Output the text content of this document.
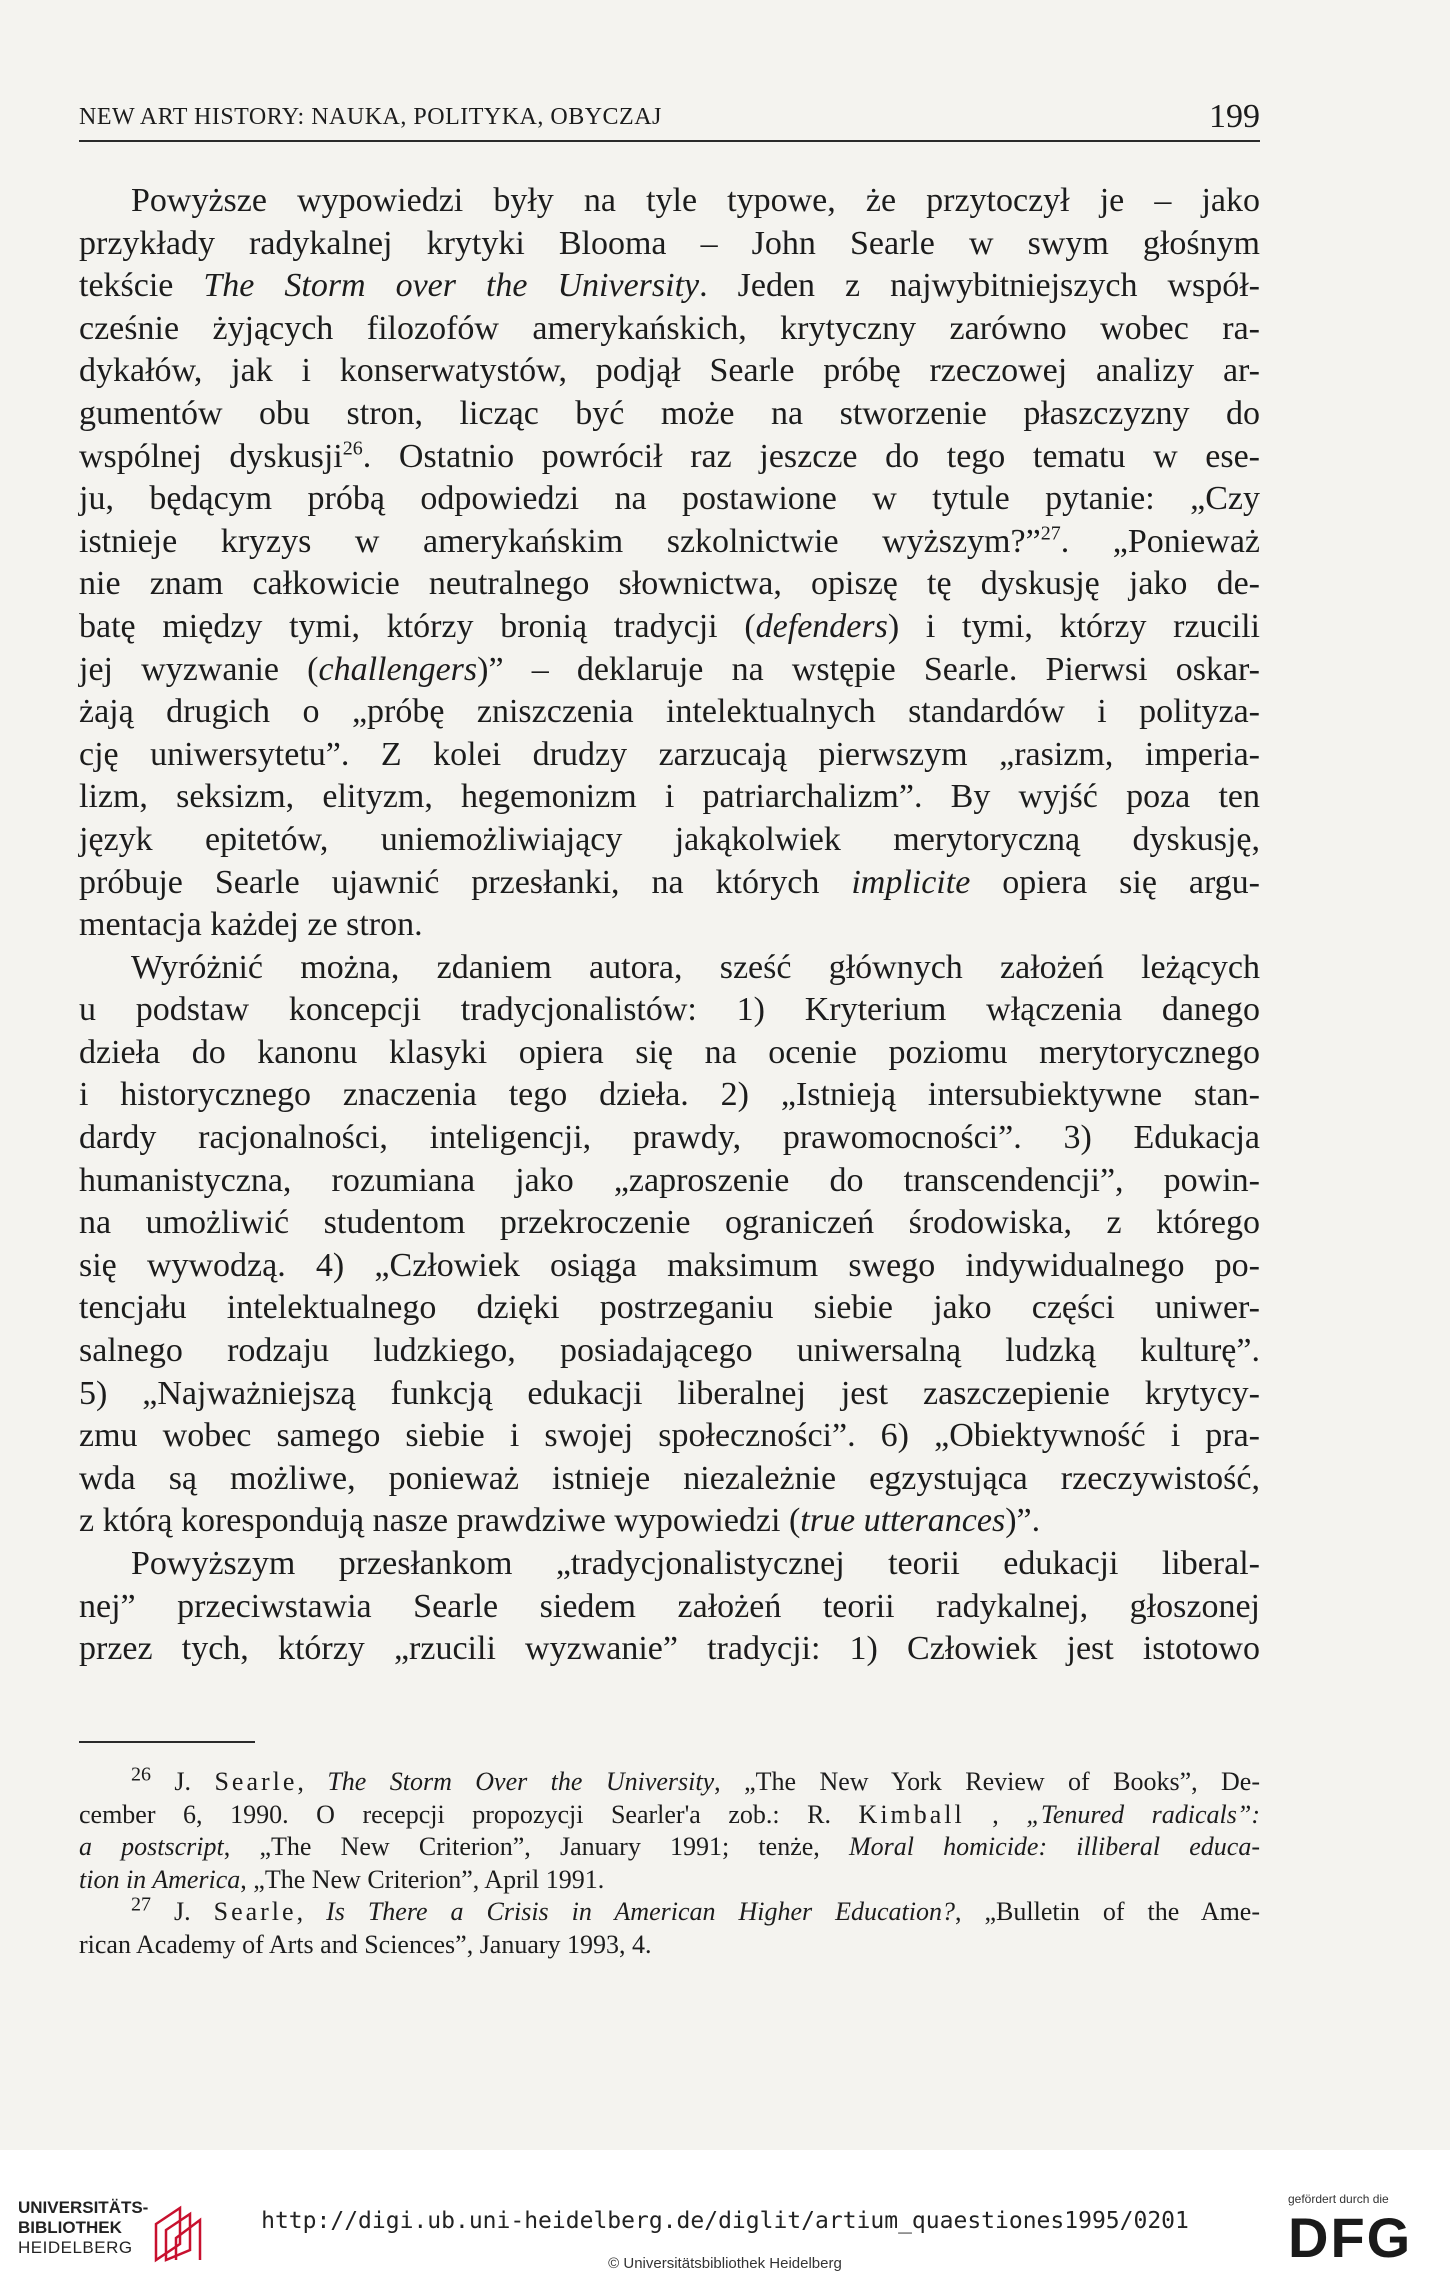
NEW ART HISTORY: NAUKA, POLITYKA, OBYCZAJ	199
Powyższe wypowiedzi były na tyle typowe, że przytoczył je – jako
przykłady radykalnej krytyki Blooma – John Searle w swym głośnym
tekście The Storm over the University. Jeden z najwybitniejszych współ-
cześnie żyjących filozofów amerykańskich, krytyczny zarówno wobec ra-
dykałów, jak i konserwatystów, podjął Searle próbę rzeczowej analizy ar-
gumentów obu stron, licząc być może na stworzenie płaszczyzny do
wspólnej dyskusji$^{26}$. Ostatnio powrócił raz jeszcze do tego tematu w ese-
ju, będącym próbą odpowiedzi na postawione w tytule pytanie: „Czy
istnieje kryzys w amerykańskim szkolnictwie wyższym?”$^{27}$. „Ponieważ
nie znam całkowicie neutralnego słownictwa, opiszę tę dyskusję jako de-
batę między tymi, którzy bronią tradycji (defenders) i tymi, którzy rzucili
jej wyzwanie (challengers)” – deklaruje na wstępie Searle. Pierwsi oskar-
żają drugich o „próbę zniszczenia intelektualnych standardów i polityza-
cję uniwersytetu”. Z kolei drudzy zarzucają pierwszym „rasizm, imperia-
lizm, seksizm, elityzm, hegemonizm i patriarchalizm”. By wyjść poza ten
język epitetów, uniemożliwiający jakąkolwiek merytoryczną dyskusję,
próbuje Searle ujawnić przesłanki, na których implicite opiera się argu-
mentacja każdej ze stron.
Wyróżnić można, zdaniem autora, sześć głównych założeń leżących
u podstaw koncepcji tradycjonalistów: 1) Kryterium włączenia danego
dzieła do kanonu klasyki opiera się na ocenie poziomu merytorycznego
i historycznego znaczenia tego dzieła. 2) „Istnieją intersubiektywne stan-
dardy racjonalności, inteligencji, prawdy, prawomocności”. 3) Edukacja
humanistyczna, rozumiana jako „zaproszenie do transcendencji”, powin-
na umożliwić studentom przekroczenie ograniczeń środowiska, z którego
się wywodzą. 4) „Człowiek osiąga maksimum swego indywidualnego po-
tencjału intelektualnego dzięki postrzeganiu siebie jako części uniwer-
salnego rodzaju ludzkiego, posiadającego uniwersalną ludzką kulturę”.
5) „Najważniejszą funkcją edukacji liberalnej jest zaszczepienie krytycy-
zmu wobec samego siebie i swojej społeczności”. 6) „Obiektywność i pra-
wda są możliwe, ponieważ istnieje niezależnie egzystująca rzeczywistość,
z którą korespondują nasze prawdziwe wypowiedzi (true utterances)”.
Powyższym przesłankom „tradycjonalistycznej teorii edukacji liberal-
nej” przeciwstawia Searle siedem założeń teorii radykalnej, głoszonej
przez tych, którzy „rzucili wyzwanie” tradycji: 1) Człowiek jest istotowo
$^{26}$ J. Searle, The Storm Over the University, „The New York Review of Books”, De-
cember 6, 1990. O recepcji propozycji Searler'a zob.: R. Kimball , „Tenured radicals”:
a postscript, „The New Criterion”, January 1991; tenże, Moral homicide: illiberal educa-
tion in America, „The New Criterion”, April 1991.
$^{27}$ J. Searle, Is There a Crisis in American Higher Education?, „Bulletin of the Ame-
rican Academy of Arts and Sciences”, January 1993, 4.
UNIVERSITÄTS-
BIBLIOTHEK
HEIDELBERG
http://digi.ub.uni-heidelberg.de/diglit/artium_quaestiones1995/0201
© Universitätsbibliothek Heidelberg
gefördert durch die
DFG
